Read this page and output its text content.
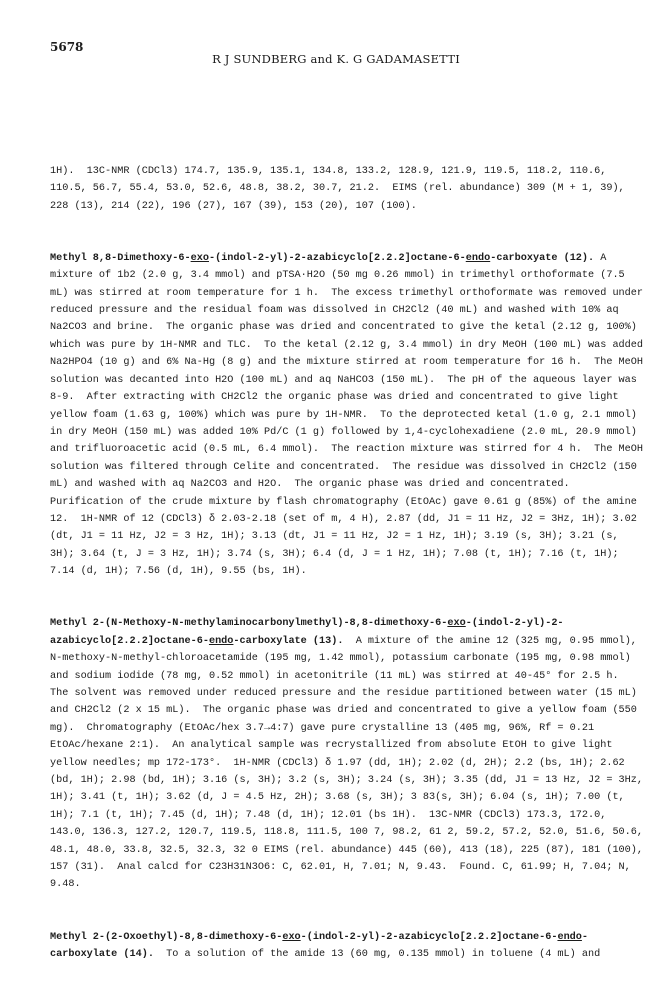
5678
R J SUNDBERG and K. G GADAMASETTI

1H).  13C-NMR (CDCl3) 174.7, 135.9, 135.1, 134.8, 133.2, 128.9, 121.9, 119.5, 118.2, 110.6, 110.5, 56.7, 55.4, 53.0, 52.6, 48.8, 38.2, 30.7, 21.2.  EIMS (rel. abundance) 309 (M + 1, 39), 228 (13), 214 (22), 196 (27), 167 (39), 153 (20), 107 (100).

Methyl 8,8-Dimethoxy-6-exo-(indol-2-yl)-2-azabicyclo[2.2.2]octane-6-endo-carboxyate (12). A mixture of 1b2 (2.0 g, 3.4 mmol) and pTSA·H2O (50 mg 0.26 mmol) in trimethyl orthoformate (7.5 mL) was stirred at room temperature for 1 h.  The excess trimethyl orthoformate was removed under reduced pressure and the residual foam was dissolved in CH2Cl2 (40 mL) and washed with 10% aq Na2CO3 and brine.  The organic phase was dried and concentrated to give the ketal (2.12 g, 100%) which was pure by 1H-NMR and TLC.  To the ketal (2.12 g, 3.4 mmol) in dry MeOH (100 mL) was added Na2HPO4 (10 g) and 6% Na-Hg (8 g) and the mixture stirred at room temperature for 16 h.  The MeOH solution was decanted into H2O (100 mL) and aq NaHCO3 (150 mL).  The pH of the aqueous layer was 8-9.  After extracting with CH2Cl2 the organic phase was dried and concentrated to give light yellow foam (1.63 g, 100%) which was pure by 1H-NMR.  To the deprotected ketal (1.0 g, 2.1 mmol) in dry MeOH (150 mL) was added 10% Pd/C (1 g) followed by 1,4-cyclohexadiene (2.0 mL, 20.9 mmol) and trifluoroacetic acid (0.5 mL, 6.4 mmol).  The reaction mixture was stirred for 4 h.  The MeOH solution was filtered through Celite and concentrated.  The residue was dissolved in CH2Cl2 (150 mL) and washed with aq Na2CO3 and H2O.  The organic phase was dried and concentrated.  Purification of the crude mixture by flash chromatography (EtOAc) gave 0.61 g (85%) of the amine 12.  1H-NMR of 12 (CDCl3) δ 2.03-2.18 (set of m, 4 H), 2.87 (dd, J1 = 11 Hz, J2 = 3Hz, 1H); 3.02 (dt, J1 = 11 Hz, J2 = 3 Hz, 1H); 3.13 (dt, J1 = 11 Hz, J2 = 1 Hz, 1H); 3.19 (s, 3H); 3.21 (s, 3H); 3.64 (t, J = 3 Hz, 1H); 3.74 (s, 3H); 6.4 (d, J = 1 Hz, 1H); 7.08 (t, 1H); 7.16 (t, 1H); 7.14 (d, 1H); 7.56 (d, 1H), 9.55 (bs, 1H).

Methyl 2-(N-Methoxy-N-methylaminocarbonylmethyl)-8,8-dimethoxy-6-exo-(indol-2-yl)-2-azabicyclo[2.2.2]octane-6-endo-carboxylate (13).  A mixture of the amine 12 (325 mg, 0.95 mmol), N-methoxy-N-methyl-chloroacetamide (195 mg, 1.42 mmol), potassium carbonate (195 mg, 0.98 mmol) and sodium iodide (78 mg, 0.52 mmol) in acetonitrile (11 mL) was stirred at 40-45° for 2.5 h.  The solvent was removed under reduced pressure and the residue partitioned between water (15 mL) and CH2Cl2 (2 x 15 mL).  The organic phase was dried and concentrated to give a yellow foam (550 mg).  Chromatography (EtOAc/hex 3.7→4:7) gave pure crystalline 13 (405 mg, 96%, Rf = 0.21 EtOAc/hexane 2:1).  An analytical sample was recrystallized from absolute EtOH to give light yellow needles; mp 172-173°.  1H-NMR (CDCl3) δ 1.97 (dd, 1H); 2.02 (d, 2H); 2.2 (bs, 1H); 2.62 (bd, 1H); 2.98 (bd, 1H); 3.16 (s, 3H); 3.2 (s, 3H); 3.24 (s, 3H); 3.35 (dd, J1 = 13 Hz, J2 = 3Hz, 1H); 3.41 (t, 1H); 3.62 (d, J = 4.5 Hz, 2H); 3.68 (s, 3H); 3 83(s, 3H); 6.04 (s, 1H); 7.00 (t, 1H); 7.1 (t, 1H); 7.45 (d, 1H); 7.48 (d, 1H); 12.01 (bs 1H).  13C-NMR (CDCl3) 173.3, 172.0, 143.0, 136.3, 127.2, 120.7, 119.5, 118.8, 111.5, 100 7, 98.2, 61 2, 59.2, 57.2, 52.0, 51.6, 50.6, 48.1, 48.0, 33.8, 32.5, 32.3, 32 0 EIMS (rel. abundance) 445 (60), 413 (18), 225 (87), 181 (100), 157 (31).  Anal calcd for C23H31N3O6: C, 62.01, H, 7.01; N, 9.43.  Found. C, 61.99; H, 7.04; N, 9.48.

Methyl 2-(2-Oxoethyl)-8,8-dimethoxy-6-exo-(indol-2-yl)-2-azabicyclo[2.2.2]octane-6-endo-carboxylate (14).  To a solution of the amide 13 (60 mg, 0.135 mmol) in toluene (4 mL) and
